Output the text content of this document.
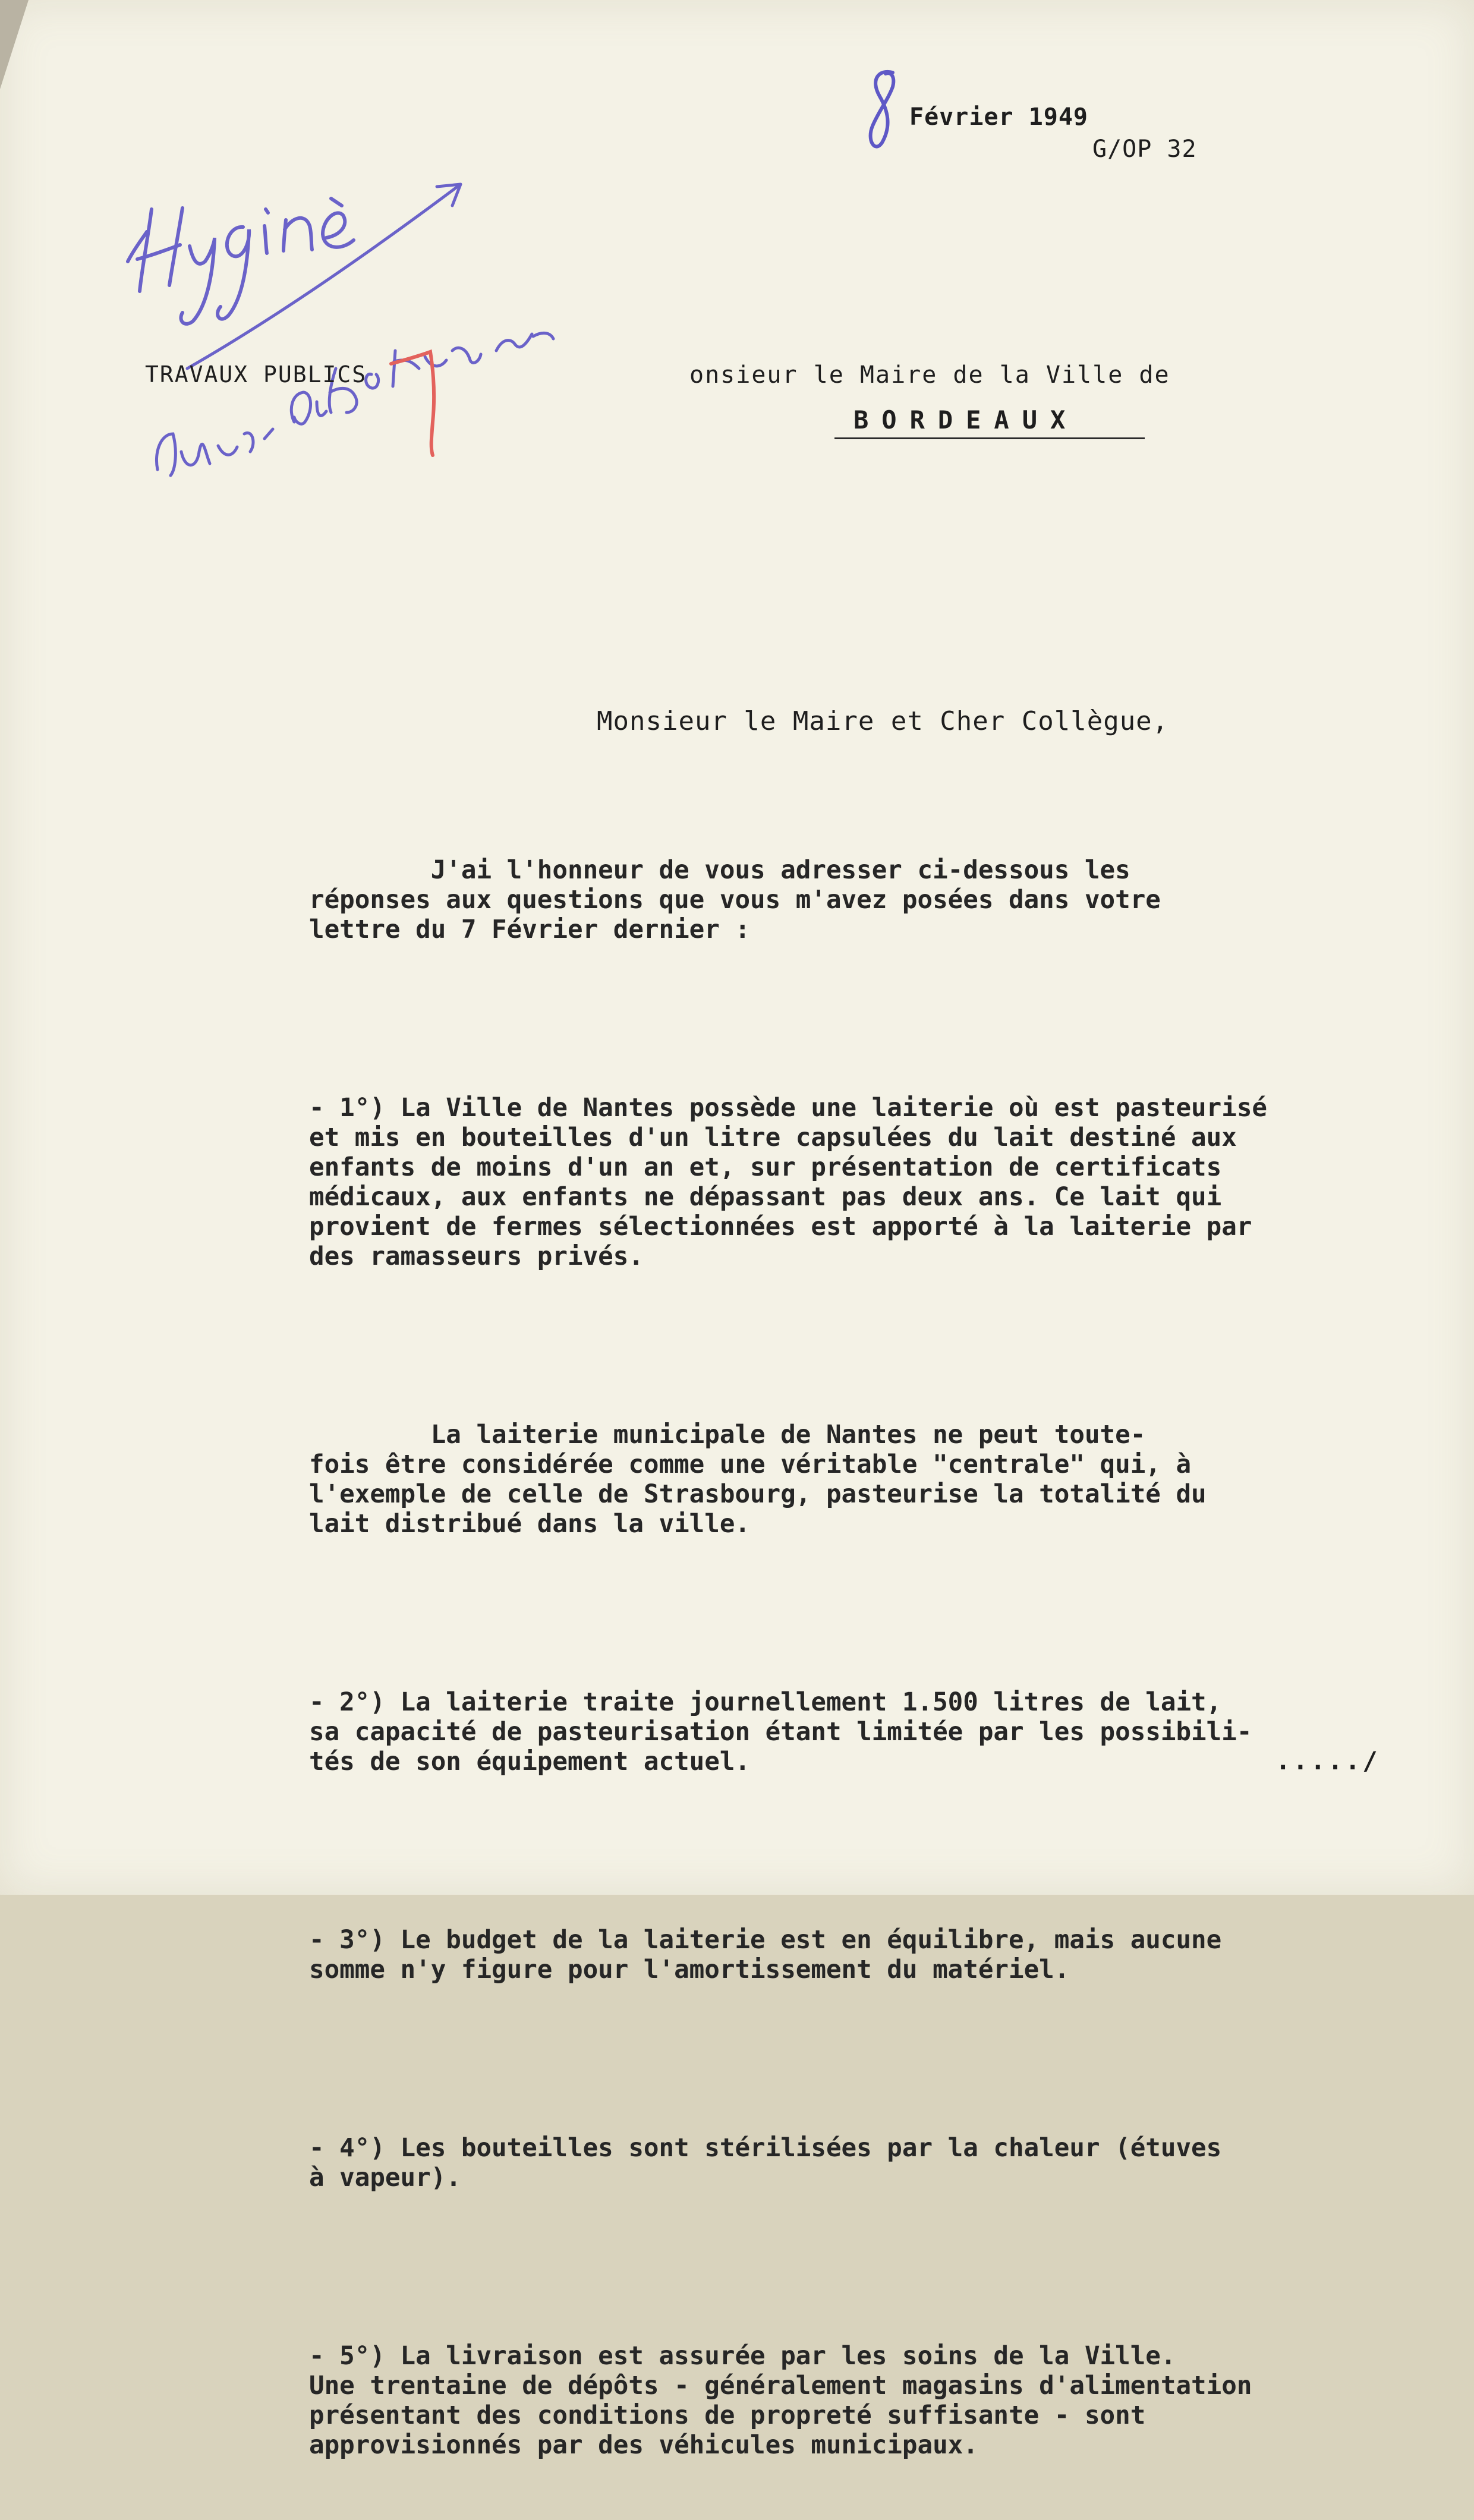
Février 1949

G/OP 32

TRAVAUX PUBLICS	onsieur le Maire de la Ville de

BORDEAUX

Monsieur le Maire et Cher Collègue,

J'ai l'honneur de vous adresser ci-dessous les
réponses aux questions que vous m'avez posées dans votre
lettre du 7 Février dernier :

- 1°) La Ville de Nantes possède une laiterie où est pasteurisé
et mis en bouteilles d'un litre capsulées du lait destiné aux
enfants de moins d'un an et, sur présentation de certificats
médicaux, aux enfants ne dépassant pas deux ans. Ce lait qui
provient de fermes sélectionnées est apporté à la laiterie par
des ramasseurs privés.

La laiterie municipale de Nantes ne peut toute-
fois être considérée comme une véritable "centrale" qui, à
l'exemple de celle de Strasbourg, pasteurise la totalité du
lait distribué dans la ville.

- 2°) La laiterie traite journellement 1.500 litres de lait,
sa capacité de pasteurisation étant limitée par les possibili-
tés de son équipement actuel.

- 3°) Le budget de la laiterie est en équilibre, mais aucune
somme n'y figure pour l'amortissement du matériel.

- 4°) Les bouteilles sont stérilisées par la chaleur (étuves
à vapeur).

- 5°) La livraison est assurée par les soins de la Ville.
Une trentaine de dépôts - généralement magasins d'alimentation
présentant des conditions de propreté suffisante - sont
approvisionnés par des véhicules municipaux.

...../
